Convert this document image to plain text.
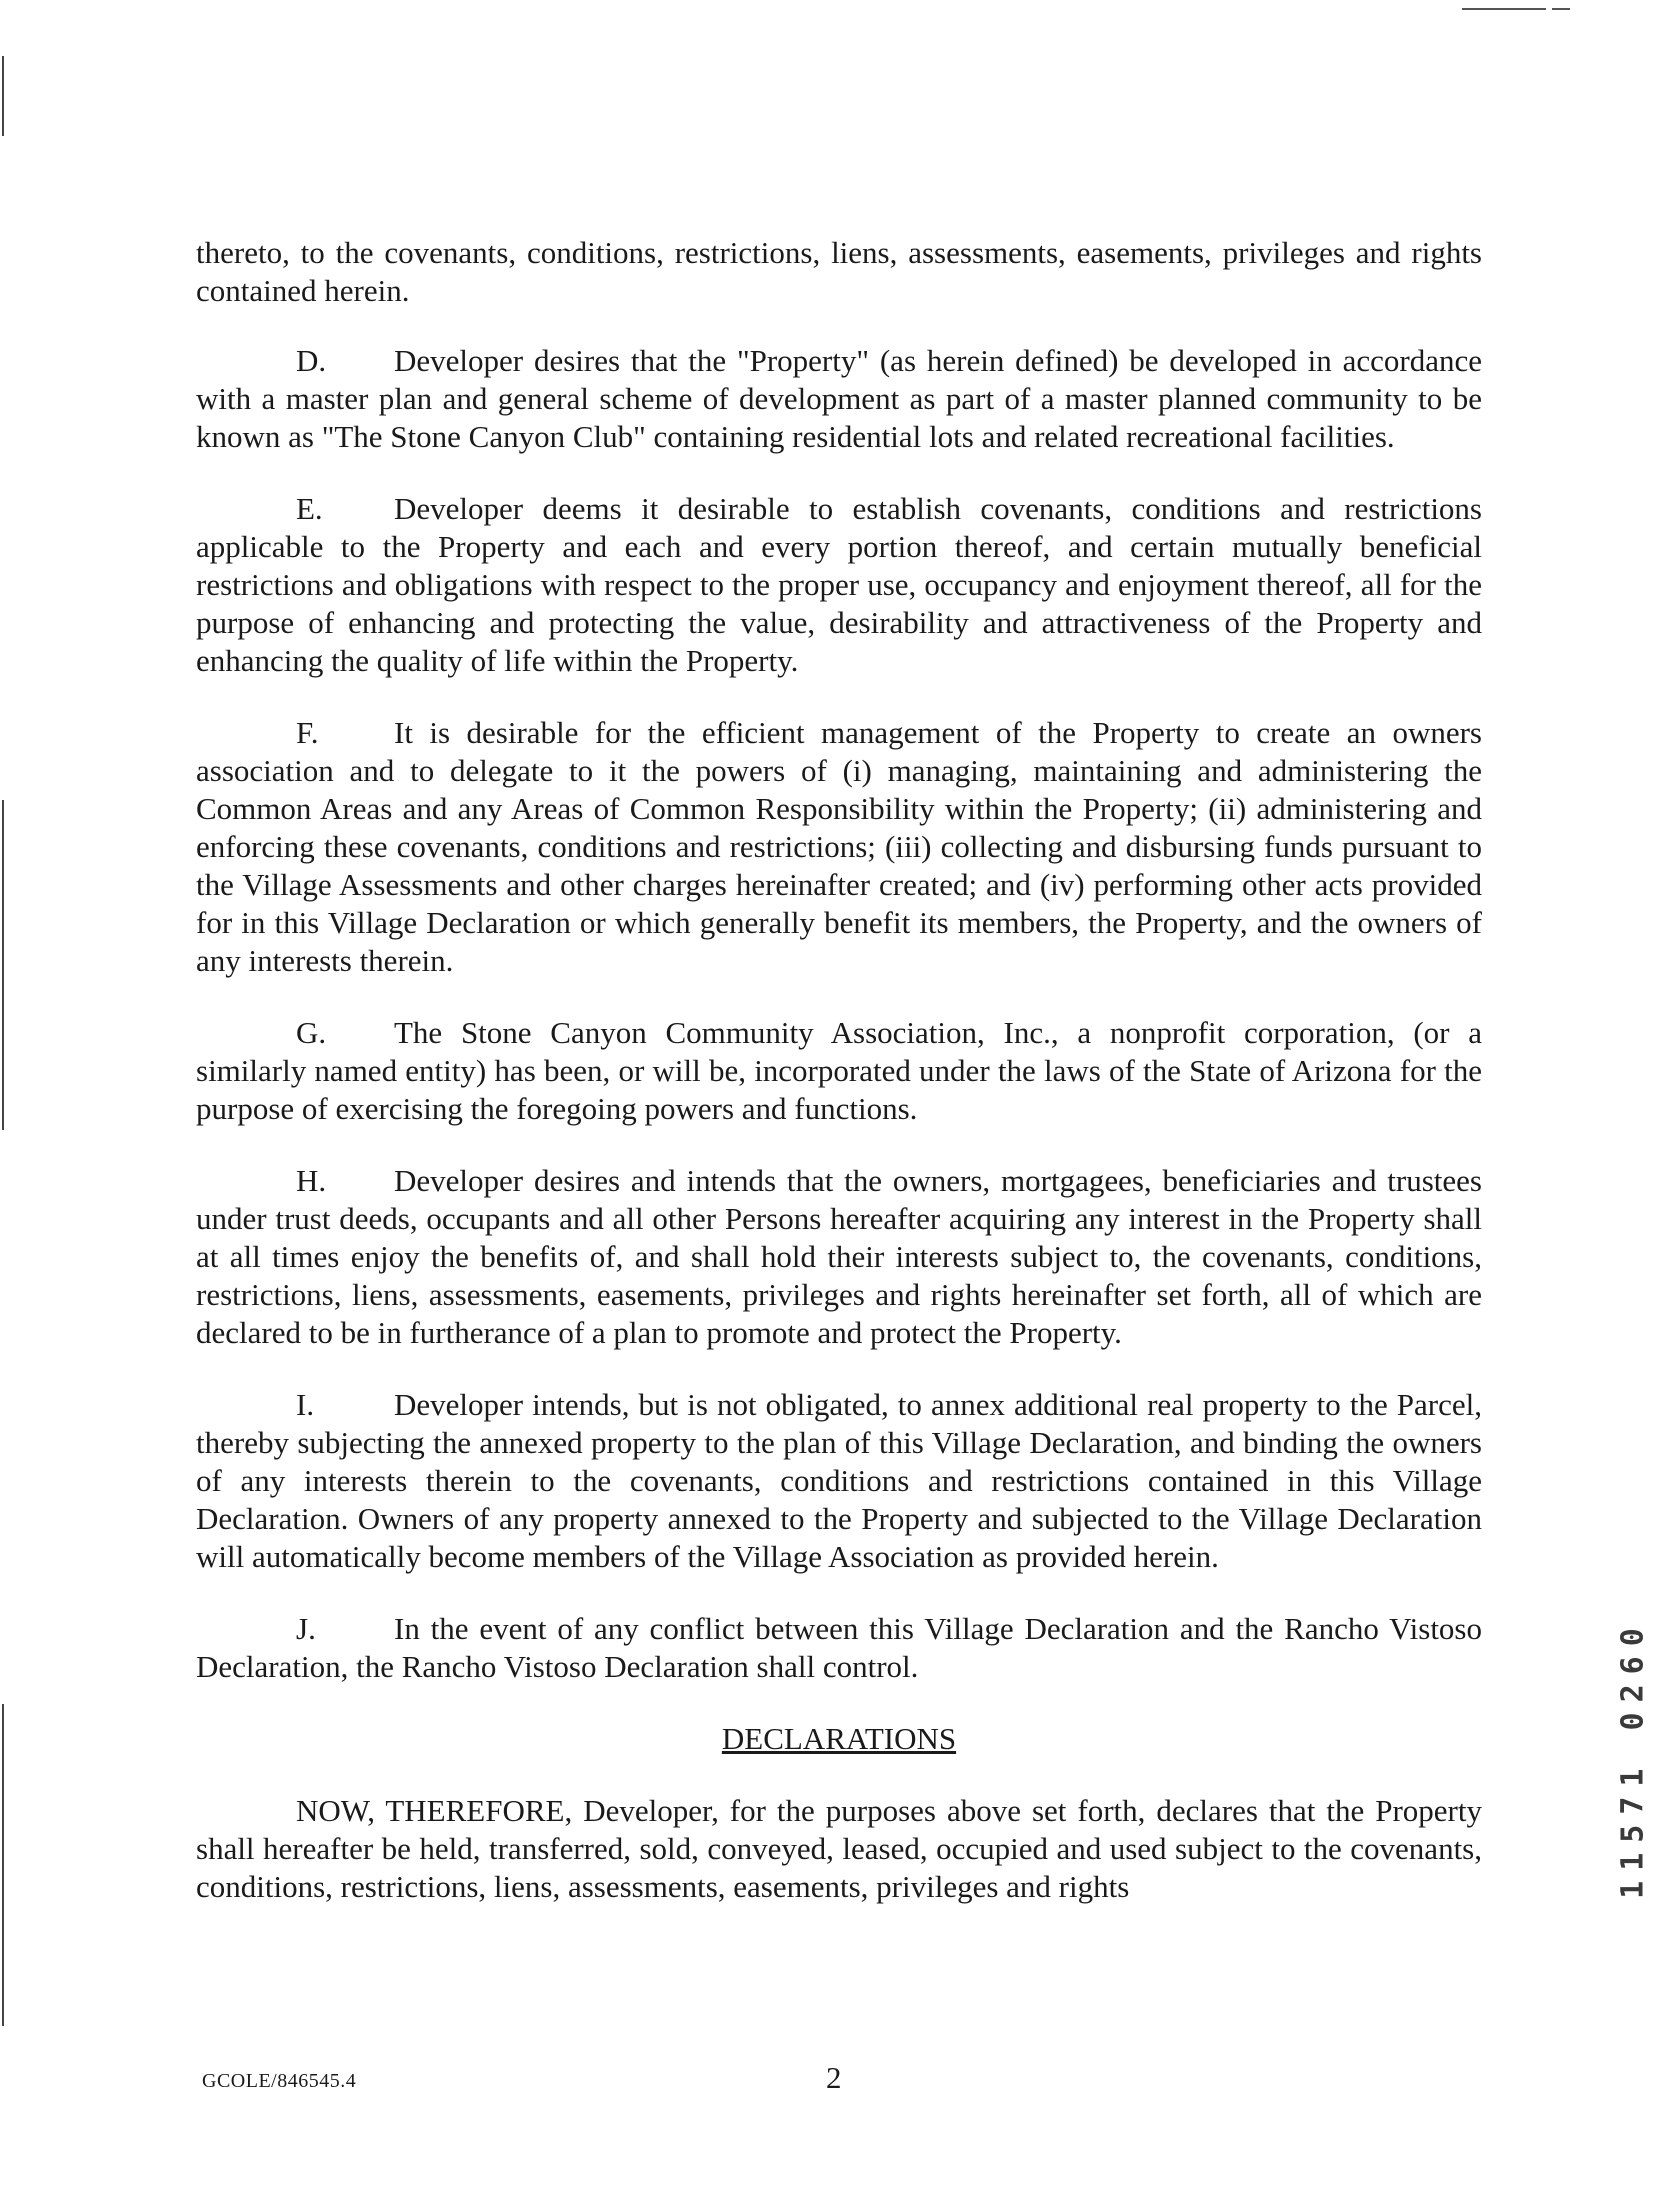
thereto, to the covenants, conditions, restrictions, liens, assessments, easements, privileges and rights contained herein.

D. Developer desires that the "Property" (as herein defined) be developed in accordance with a master plan and general scheme of development as part of a master planned community to be known as "The Stone Canyon Club" containing residential lots and related recreational facilities.

E. Developer deems it desirable to establish covenants, conditions and restrictions applicable to the Property and each and every portion thereof, and certain mutually beneficial restrictions and obligations with respect to the proper use, occupancy and enjoyment thereof, all for the purpose of enhancing and protecting the value, desirability and attractiveness of the Property and enhancing the quality of life within the Property.

F. It is desirable for the efficient management of the Property to create an owners association and to delegate to it the powers of (i) managing, maintaining and administering the Common Areas and any Areas of Common Responsibility within the Property; (ii) administering and enforcing these covenants, conditions and restrictions; (iii) collecting and disbursing funds pursuant to the Village Assessments and other charges hereinafter created; and (iv) performing other acts provided for in this Village Declaration or which generally benefit its members, the Property, and the owners of any interests therein.

G. The Stone Canyon Community Association, Inc., a nonprofit corporation, (or a similarly named entity) has been, or will be, incorporated under the laws of the State of Arizona for the purpose of exercising the foregoing powers and functions.

H. Developer desires and intends that the owners, mortgagees, beneficiaries and trustees under trust deeds, occupants and all other Persons hereafter acquiring any interest in the Property shall at all times enjoy the benefits of, and shall hold their interests subject to, the covenants, conditions, restrictions, liens, assessments, easements, privileges and rights hereinafter set forth, all of which are declared to be in furtherance of a plan to promote and protect the Property.

I.	Developer intends, but is not obligated, to annex additional real property to the Parcel, thereby subjecting the annexed property to the plan of this Village Declaration, and binding the owners of any interests therein to the covenants, conditions and restrictions contained in this Village Declaration. Owners of any property annexed to the Property and subjected to the Village Declaration will automatically become members of the Village Association as provided herein.

J.	In the event of any conflict between this Village Declaration and the Rancho Vistoso Declaration, the Rancho Vistoso Declaration shall control.

DECLARATIONS

NOW, THEREFORE, Developer, for the purposes above set forth, declares that the Property shall hereafter be held, transferred, sold, conveyed, leased, occupied and used subject to the covenants, conditions, restrictions, liens, assessments, easements, privileges and rights

GCOLE/846545.4	2
11571 0260
